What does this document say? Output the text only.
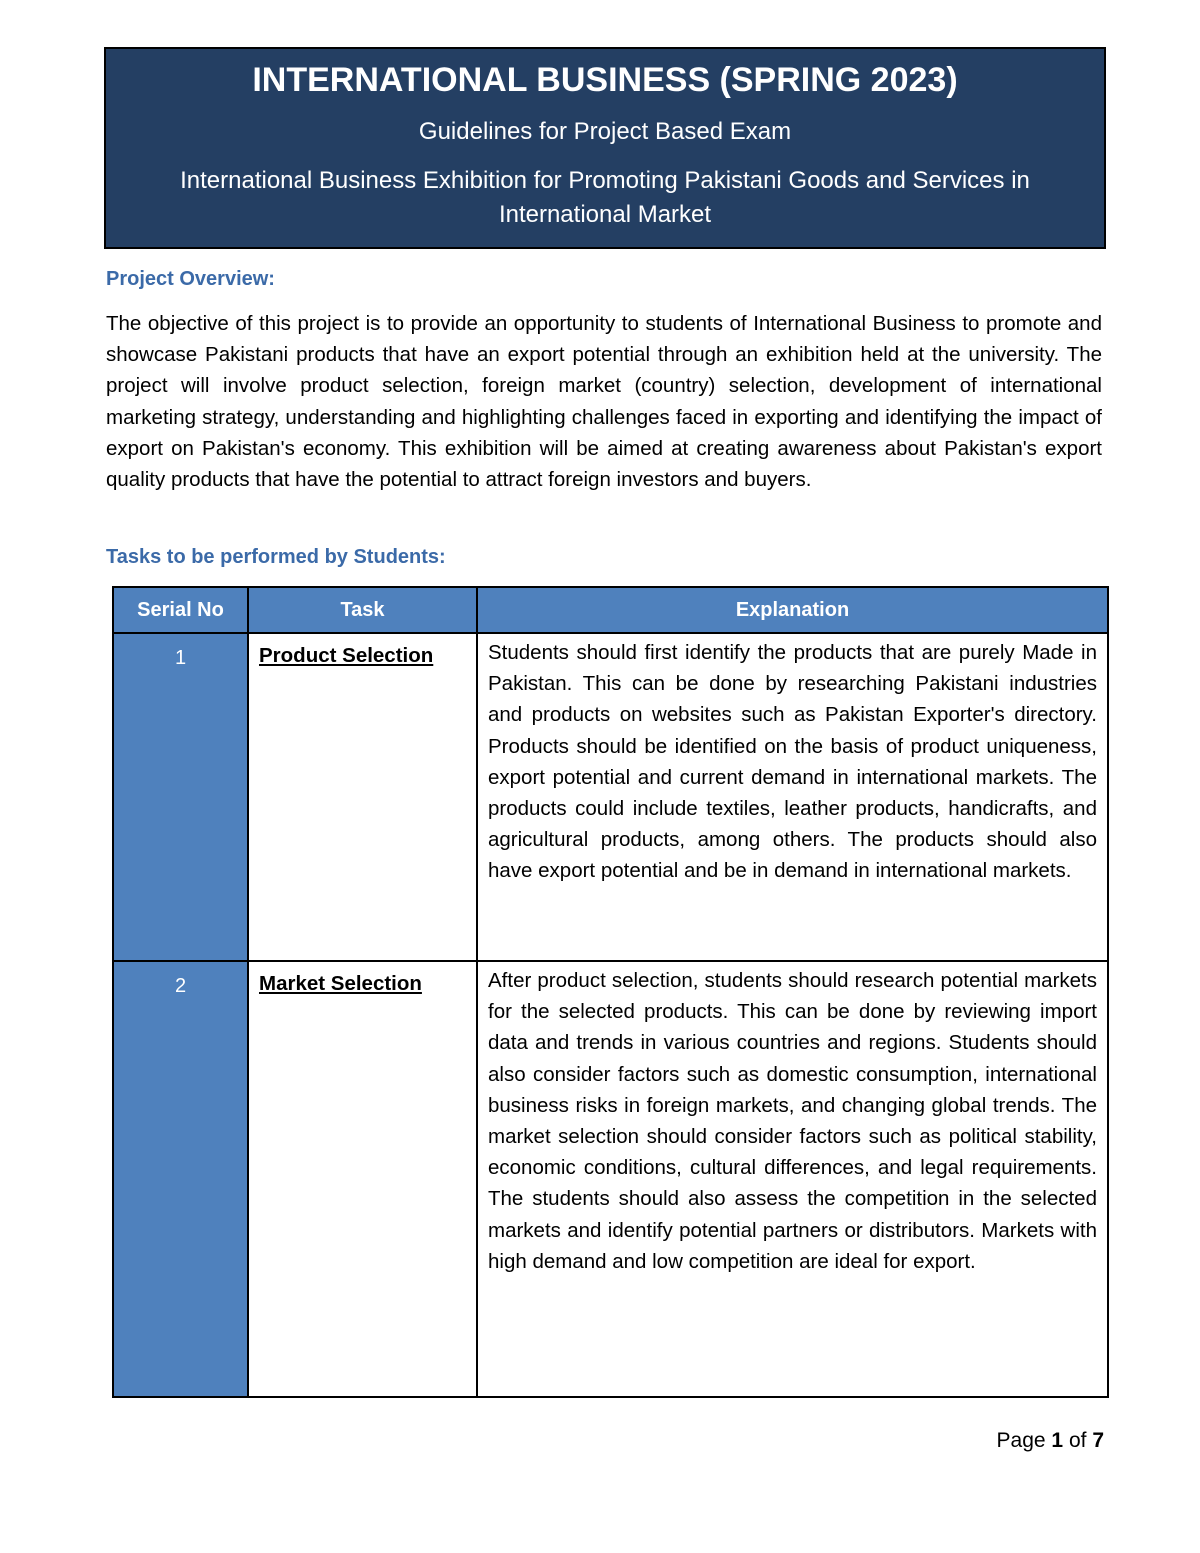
INTERNATIONAL BUSINESS (SPRING 2023)
Guidelines for Project Based Exam
International Business Exhibition for Promoting Pakistani Goods and Services in International Market
Project Overview:
The objective of this project is to provide an opportunity to students of International Business to promote and showcase Pakistani products that have an export potential through an exhibition held at the university. The project will involve product selection, foreign market (country) selection, development of international marketing strategy, understanding and highlighting challenges faced in exporting and identifying the impact of export on Pakistan's economy. This exhibition will be aimed at creating awareness about Pakistan's export quality products that have the potential to attract foreign investors and buyers.
Tasks to be performed by Students:
Serial No	Task	Explanation
1	Product Selection	Students should first identify the products that are purely Made in Pakistan. This can be done by researching Pakistani industries and products on websites such as Pakistan Exporter's directory. Products should be identified on the basis of product uniqueness, export potential and current demand in international markets. The products could include textiles, leather products, handicrafts, and agricultural products, among others. The products should also have export potential and be in demand in international markets.
2	Market Selection	After product selection, students should research potential markets for the selected products. This can be done by reviewing import data and trends in various countries and regions. Students should also consider factors such as domestic consumption, international business risks in foreign markets, and changing global trends. The market selection should consider factors such as political stability, economic conditions, cultural differences, and legal requirements. The students should also assess the competition in the selected markets and identify potential partners or distributors. Markets with high demand and low competition are ideal for export.
Page 1 of 7
